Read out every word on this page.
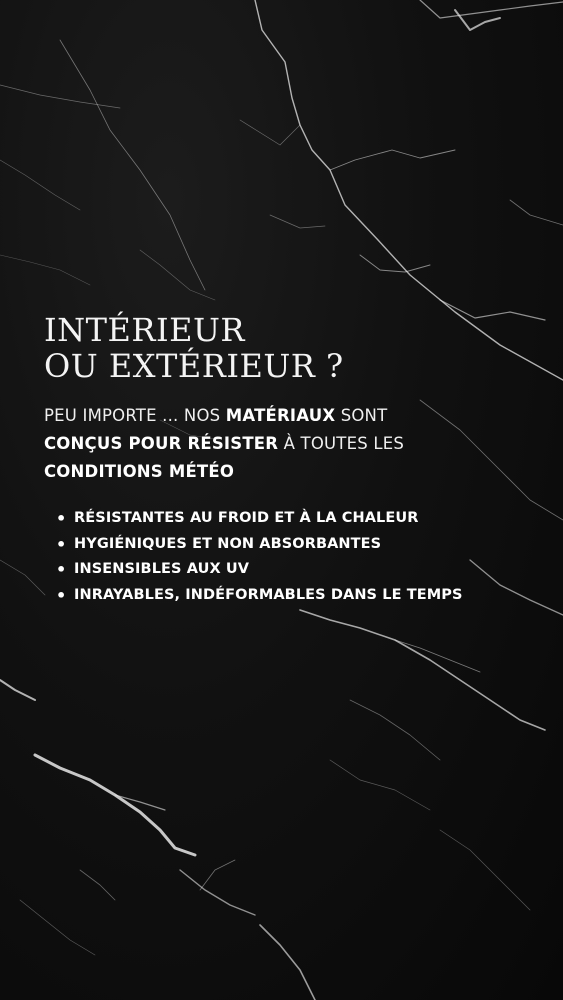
INTÉRIEUR
OU EXTÉRIEUR ?

PEU IMPORTE ... NOS MATÉRIAUX SONT
CONÇUS POUR RÉSISTER À TOUTES LES
CONDITIONS MÉTÉO

• RÉSISTANTES AU FROID ET À LA CHALEUR
• HYGIÉNIQUES ET NON ABSORBANTES
• INSENSIBLES AUX UV
• INRAYABLES, INDÉFORMABLES DANS LE TEMPS
